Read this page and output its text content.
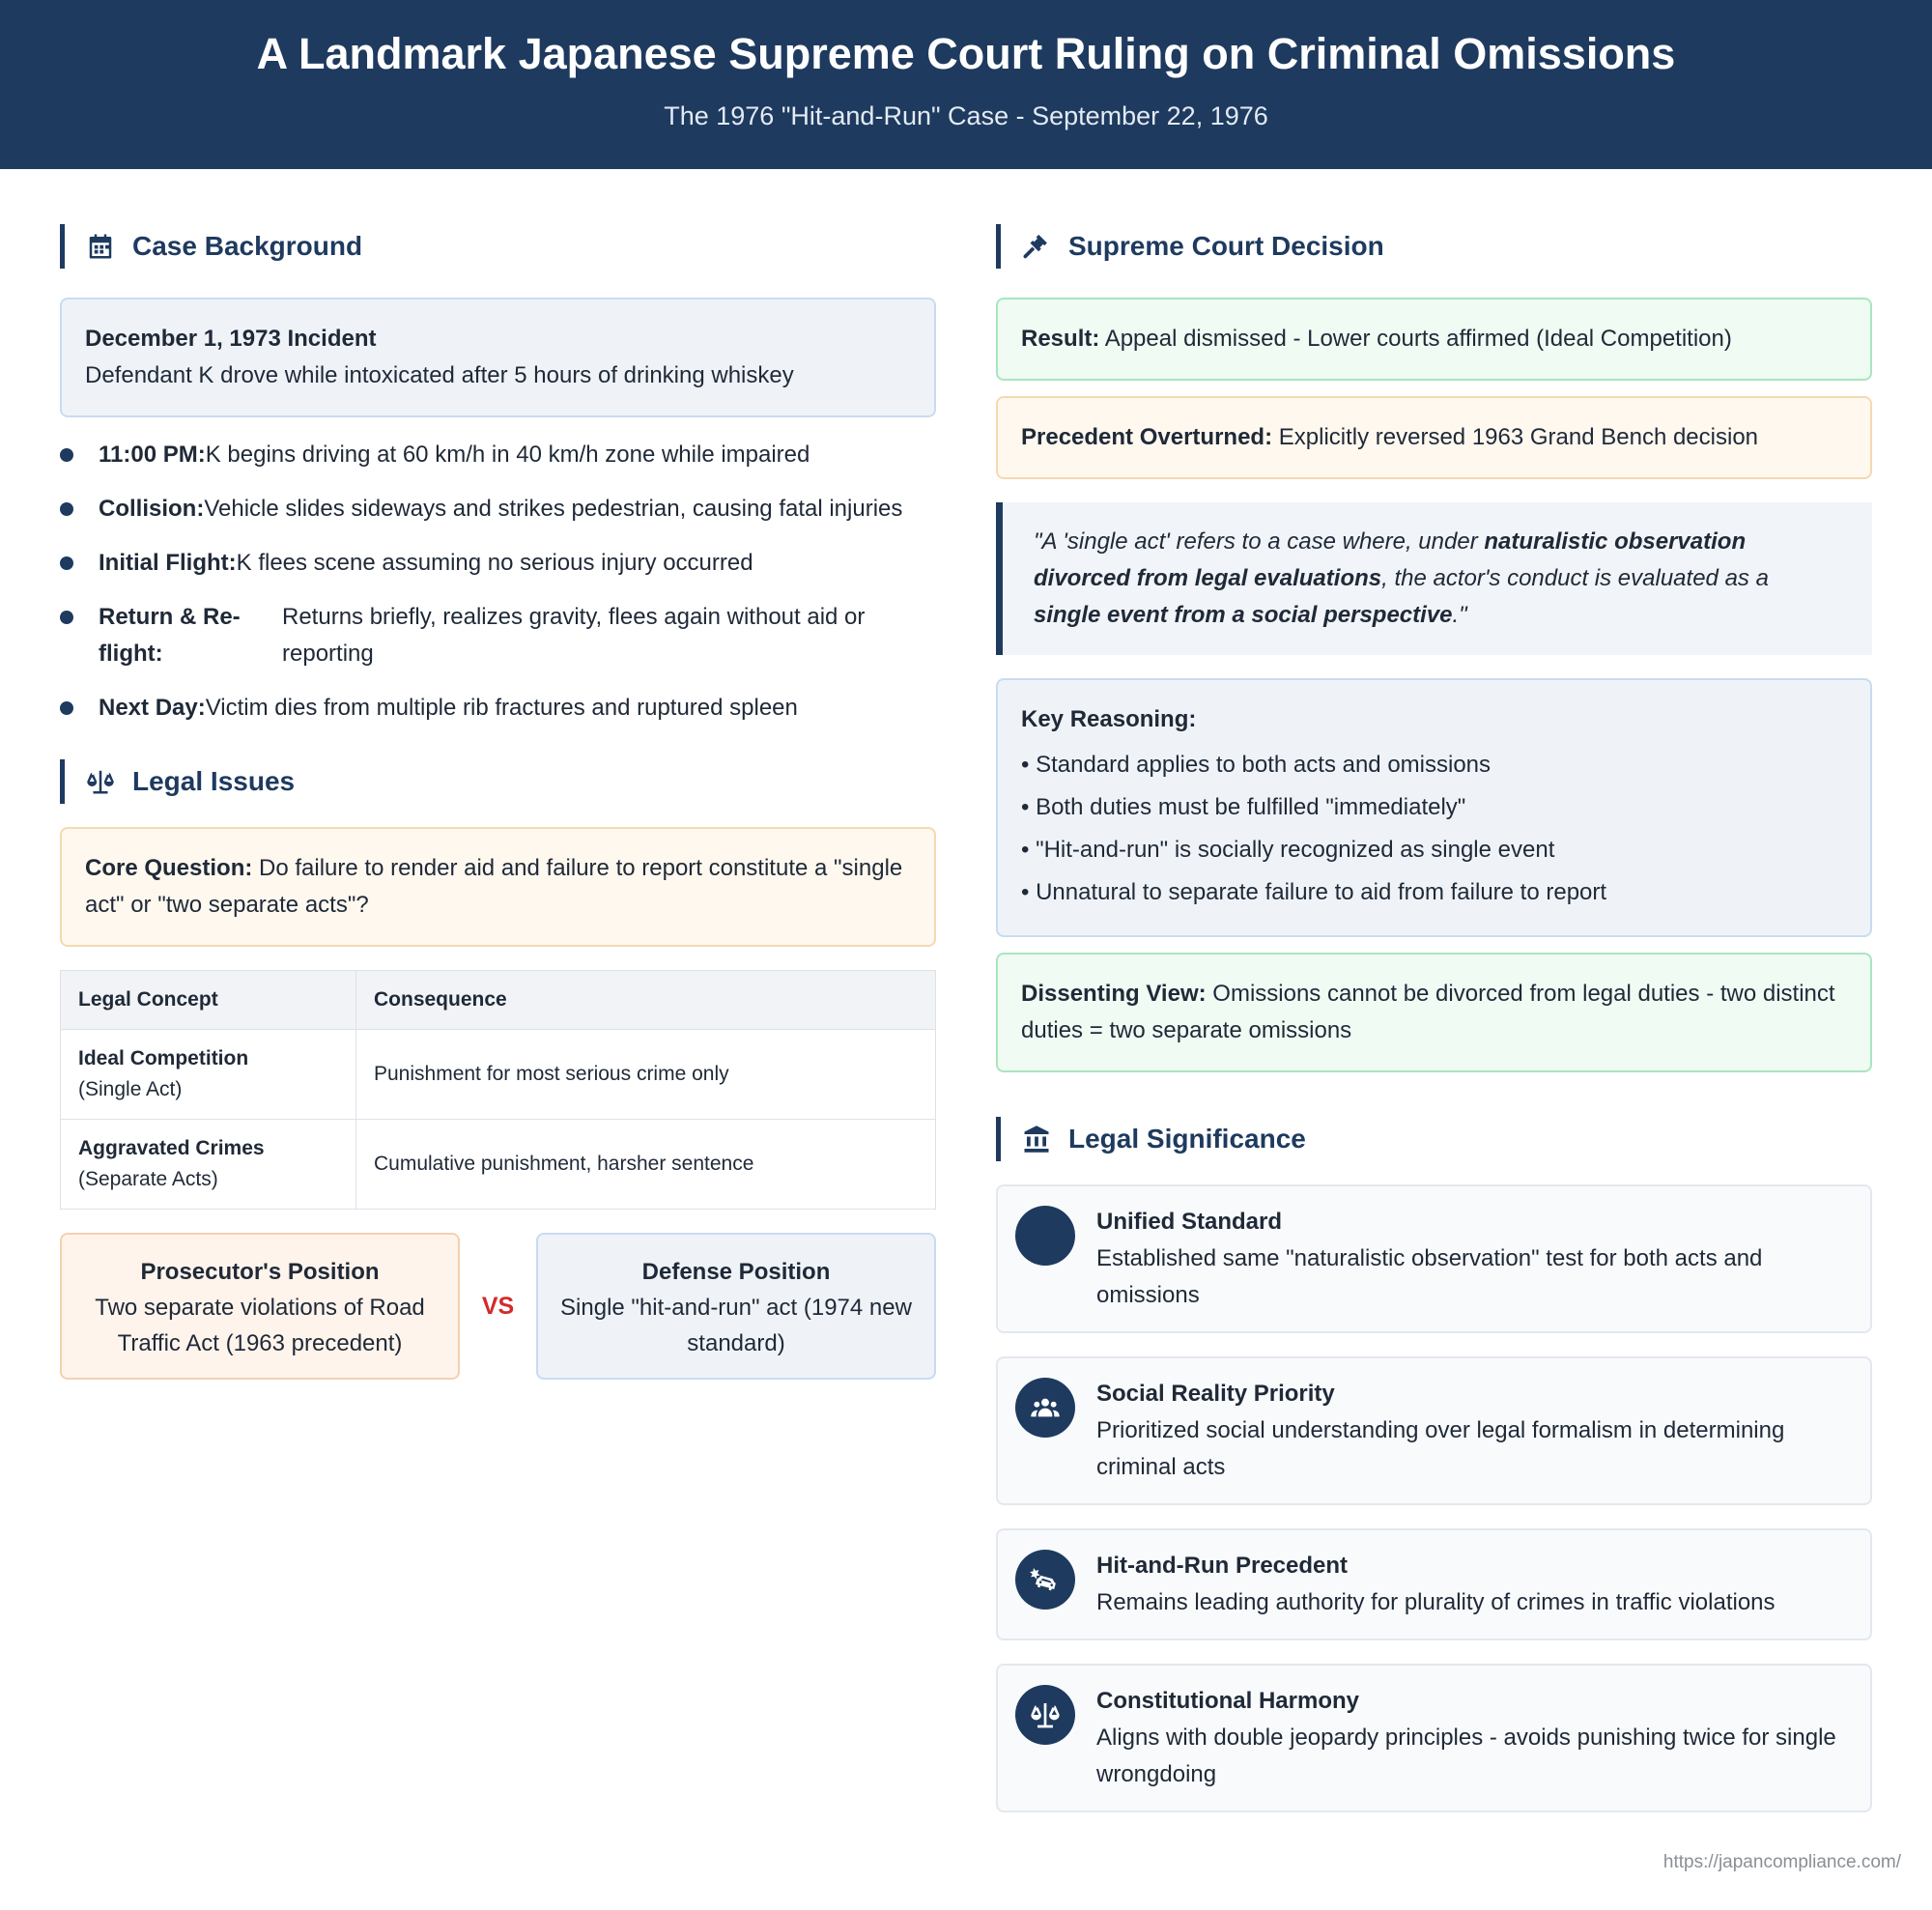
A Landmark Japanese Supreme Court Ruling on Criminal Omissions
The 1976 "Hit-and-Run" Case - September 22, 1976
Case Background
December 1, 1973 Incident
Defendant K drove while intoxicated after 5 hours of drinking whiskey
11:00 PM: K begins driving at 60 km/h in 40 km/h zone while impaired
Collision: Vehicle slides sideways and strikes pedestrian, causing fatal injuries
Initial Flight: K flees scene assuming no serious injury occurred
Return & Re-flight:
Returns briefly, realizes gravity, flees again without aid or reporting
Next Day: Victim dies from multiple rib fractures and ruptured spleen
Legal Issues
Core Question: Do failure to render aid and failure to report constitute a "single act" or "two separate acts"?
Legal Concept	Consequence
Ideal Competition
(Single Act)	Punishment for most serious crime only
Aggravated Crimes
(Separate Acts)	Cumulative punishment, harsher sentence
Prosecutor's Position
Two separate violations of Road Traffic Act (1963 precedent)
VS
Defense Position
Single "hit-and-run" act (1974 new standard)
Supreme Court Decision
Result: Appeal dismissed - Lower courts affirmed (Ideal Competition)
Precedent Overturned: Explicitly reversed 1963 Grand Bench decision
"A 'single act' refers to a case where, under naturalistic observation divorced from legal evaluations, the actor's conduct is evaluated as a single event from a social perspective."
Key Reasoning:
• Standard applies to both acts and omissions
• Both duties must be fulfilled "immediately"
• "Hit-and-run" is socially recognized as single event
• Unnatural to separate failure to aid from failure to report
Dissenting View: Omissions cannot be divorced from legal duties - two distinct duties = two separate omissions
Legal Significance
Unified Standard
Established same "naturalistic observation" test for both acts and omissions
Social Reality Priority
Prioritized social understanding over legal formalism in determining criminal acts
Hit-and-Run Precedent
Remains leading authority for plurality of crimes in traffic violations
Constitutional Harmony
Aligns with double jeopardy principles - avoids punishing twice for single wrongdoing
https://japancompliance.com/
